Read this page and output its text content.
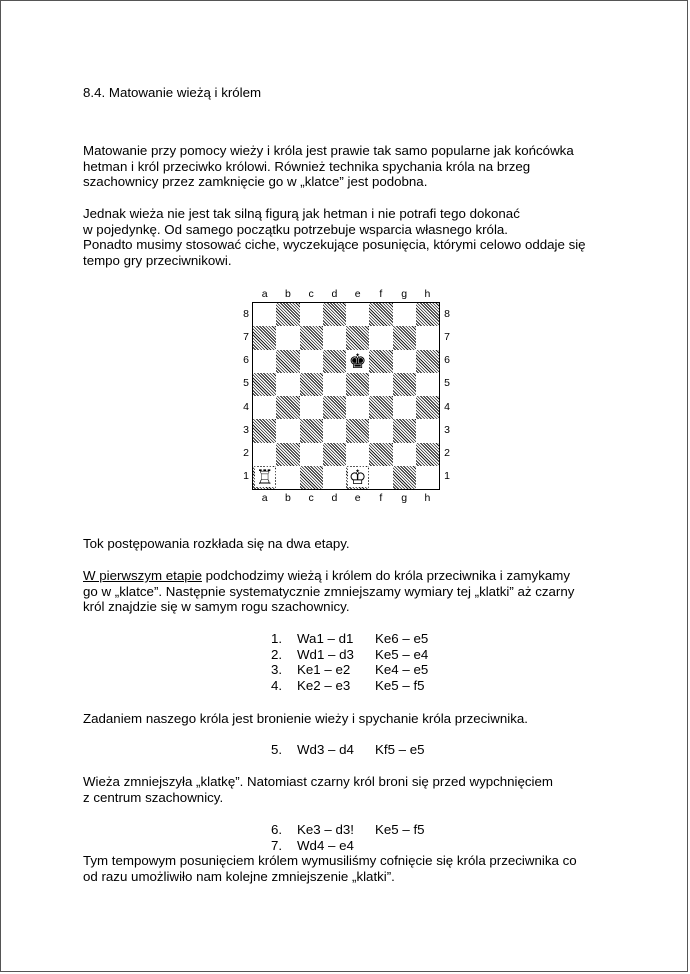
8.4. Matowanie wieżą i królem
Matowanie przy pomocy wieży i króla jest prawie tak samo popularne jak końcówka
hetman i król przeciwko królowi. Również technika spychania króla na brzeg
szachownicy przez zamknięcie go w „klatce” jest podobna.
Jednak wieża nie jest tak silną figurą jak hetman i nie potrafi tego dokonać
w pojedynkę. Od samego początku potrzebuje wsparcia własnego króla.
Ponadto musimy stosować ciche, wyczekujące posunięcia, którymi celowo oddaje się
tempo gry przeciwnikowi.
a
a
b
b
c
c
d
d
e
e
f
f
g
g
h
h
8	8
7	7
6	6
5	5
4	4
3	3
2	2
1	1
♚
♖	♔
Tok postępowania rozkłada się na dwa etapy.
W pierwszym etapie podchodzimy wieżą i królem do króla przeciwnika i zamykamy
go w „klatce”. Następnie systematycznie zmniejszamy wymiary tej „klatki” aż czarny
król znajdzie się w samym rogu szachownicy.
1.	Wa1 – d1	Ke6 – e5
2.	Wd1 – d3	Ke5 – e4
3.	Ke1 – e2	Ke4 – e5
4.	Ke2 – e3	Ke5 – f5
Zadaniem naszego króla jest bronienie wieży i spychanie króla przeciwnika.
5.	Wd3 – d4	Kf5 – e5
Wieża zmniejszyła „klatkę”. Natomiast czarny król broni się przed wypchnięciem
z centrum szachownicy.
6.	Ke3 – d3!	Ke5 – f5
7.	Wd4 – e4
Tym tempowym posunięciem królem wymusiliśmy cofnięcie się króla przeciwnika co
od razu umożliwiło nam kolejne zmniejszenie „klatki”.
